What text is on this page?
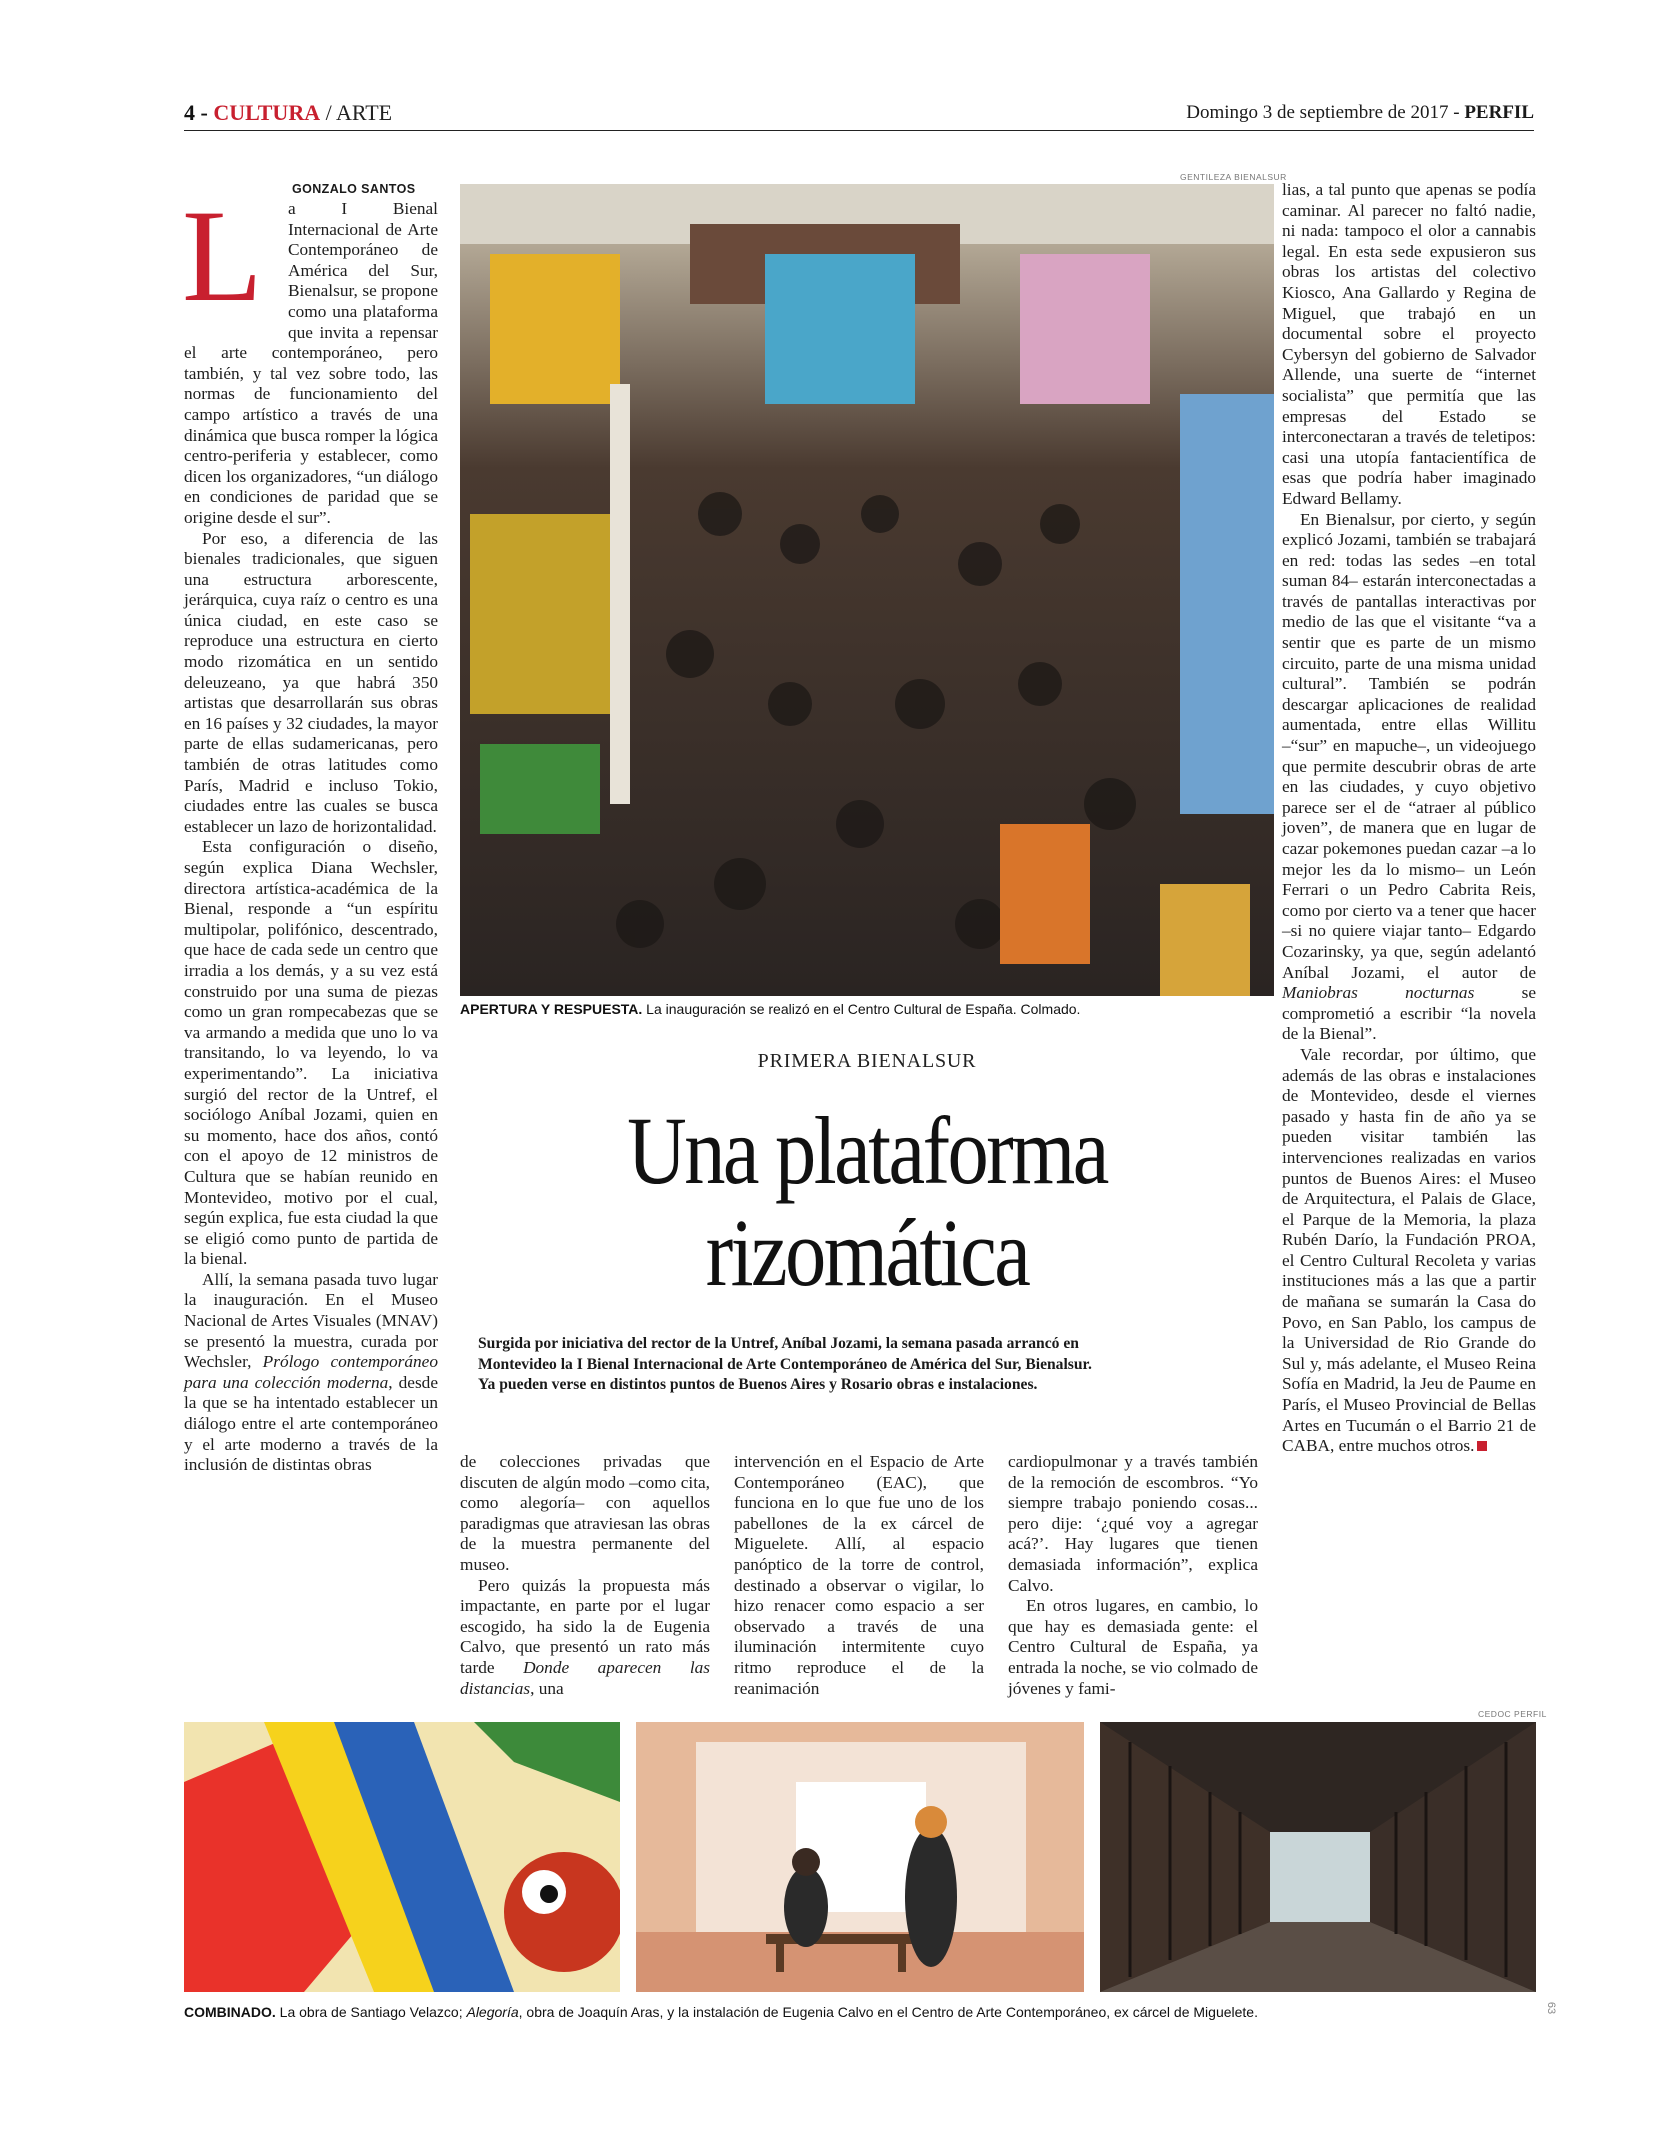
4 - CULTURA / ARTE	Domingo 3 de septiembre de 2017 - PERFIL
L GONZALO SANTOS

a I Bienal Internacional de Arte Contemporáneo de América del Sur, Bienalsur, se propone como una plataforma que invita a repensar el arte contemporáneo, pero también, y tal vez sobre todo, las normas de funcionamiento del campo artístico a través de una dinámica que busca romper la lógica centro-periferia y establecer, como dicen los organizadores, “un diálogo en condiciones de paridad que se origine desde el sur”.

Por eso, a diferencia de las bienales tradicionales, que siguen una estructura arborescente, jerárquica, cuya raíz o centro es una única ciudad, en este caso se reproduce una estructura en cierto modo rizomática en un sentido deleuzeano, ya que habrá 350 artistas que desarrollarán sus obras en 16 países y 32 ciudades, la mayor parte de ellas sudamericanas, pero también de otras latitudes como París, Madrid e incluso Tokio, ciudades entre las cuales se busca establecer un lazo de horizontalidad.

Esta configuración o diseño, según explica Diana Wechsler, directora artística-académica de la Bienal, responde a “un espíritu multipolar, polifónico, descentrado, que hace de cada sede un centro que irradia a los demás, y a su vez está construido por una suma de piezas como un gran rompecabezas que se va armando a medida que uno lo va transitando, lo va leyendo, lo va experimentando”. La iniciativa surgió del rector de la Untref, el sociólogo Aníbal Jozami, quien en su momento, hace dos años, contó con el apoyo de 12 ministros de Cultura que se habían reunido en Montevideo, motivo por el cual, según explica, fue esta ciudad la que se eligió como punto de partida de la bienal.

Allí, la semana pasada tuvo lugar la inauguración. En el Museo Nacional de Artes Visuales (MNAV) se presentó la muestra, curada por Wechsler, Prólogo contemporáneo para una colección moderna, desde la que se ha intentado establecer un diálogo entre el arte contemporáneo y el arte moderno a través de la inclusión de distintas obras

GENTILEZA BIENALSUR
APERTURA Y RESPUESTA. La inauguración se realizó en el Centro Cultural de España. Colmado.
PRIMERA BIENALSUR
Una plataforma
rizomática
Surgida por iniciativa del rector de la Untref, Aníbal Jozami, la semana pasada arrancó en
Montevideo la I Bienal Internacional de Arte Contemporáneo de América del Sur, Bienalsur.
Ya pueden verse en distintos puntos de Buenos Aires y Rosario obras e instalaciones.

de colecciones privadas que discuten de algún modo –como cita, como alegoría– con aquellos paradigmas que atraviesan las obras de la muestra permanente del museo.

Pero quizás la propuesta más impactante, en parte por el lugar escogido, ha sido la de Eugenia Calvo, que presentó un rato más tarde Donde aparecen las distancias, una

intervención en el Espacio de Arte Contemporáneo (EAC), que funciona en lo que fue uno de los pabellones de la ex cárcel de Miguelete. Allí, al espacio panóptico de la torre de control, destinado a observar o vigilar, lo hizo renacer como espacio a ser observado a través de una iluminación intermitente cuyo ritmo reproduce el de la reanimación

cardiopulmonar y a través también de la remoción de escombros. “Yo siempre trabajo poniendo cosas... pero dije: ‘¿qué voy a agregar acá?’. Hay lugares que tienen demasiada información”, explica Calvo.

En otros lugares, en cambio, lo que hay es demasiada gente: el Centro Cultural de España, ya entrada la noche, se vio colmado de jóvenes y fami-

lias, a tal punto que apenas se podía caminar. Al parecer no faltó nadie, ni nada: tampoco el olor a cannabis legal. En esta sede expusieron sus obras los artistas del colectivo Kiosco, Ana Gallardo y Regina de Miguel, que trabajó en un documental sobre el proyecto Cybersyn del gobierno de Salvador Allende, una suerte de “internet socialista” que permitía que las empresas del Estado se interconectaran a través de teletipos: casi una utopía fantacientífica de esas que podría haber imaginado Edward Bellamy.

En Bienalsur, por cierto, y según explicó Jozami, también se trabajará en red: todas las sedes –en total suman 84– estarán interconectadas a través de pantallas interactivas por medio de las que el visitante “va a sentir que es parte de un mismo circuito, parte de una misma unidad cultural”. También se podrán descargar aplicaciones de realidad aumentada, entre ellas Willitu –“sur” en mapuche–, un videojuego que permite descubrir obras de arte en las ciudades, y cuyo objetivo parece ser el de “atraer al público joven”, de manera que en lugar de cazar pokemones puedan cazar –a lo mejor les da lo mismo– un León Ferrari o un Pedro Cabrita Reis, como por cierto va a tener que hacer –si no quiere viajar tanto– Edgardo Cozarinsky, ya que, según adelantó Aníbal Jozami, el autor de Maniobras nocturnas se comprometió a escribir “la novela de la Bienal”.

Vale recordar, por último, que además de las obras e instalaciones de Montevideo, desde el viernes pasado y hasta fin de año ya se pueden visitar también las intervenciones realizadas en varios puntos de Buenos Aires: el Museo de Arquitectura, el Palais de Glace, el Parque de la Memoria, la plaza Rubén Darío, la Fundación PROA, el Centro Cultural Recoleta y varias instituciones más a las que a partir de mañana se sumarán la Casa do Povo, en San Pablo, los campus de la Universidad de Rio Grande do Sul y, más adelante, el Museo Reina Sofía en Madrid, la Jeu de Paume en París, el Museo Provincial de Bellas Artes en Tucumán o el Barrio 21 de CABA, entre muchos otros.

CEDOC PERFIL
COMBINADO. La obra de Santiago Velazco; Alegoría, obra de Joaquín Aras, y la instalación de Eugenia Calvo en el Centro de Arte Contemporáneo, ex cárcel de Miguelete.	63
